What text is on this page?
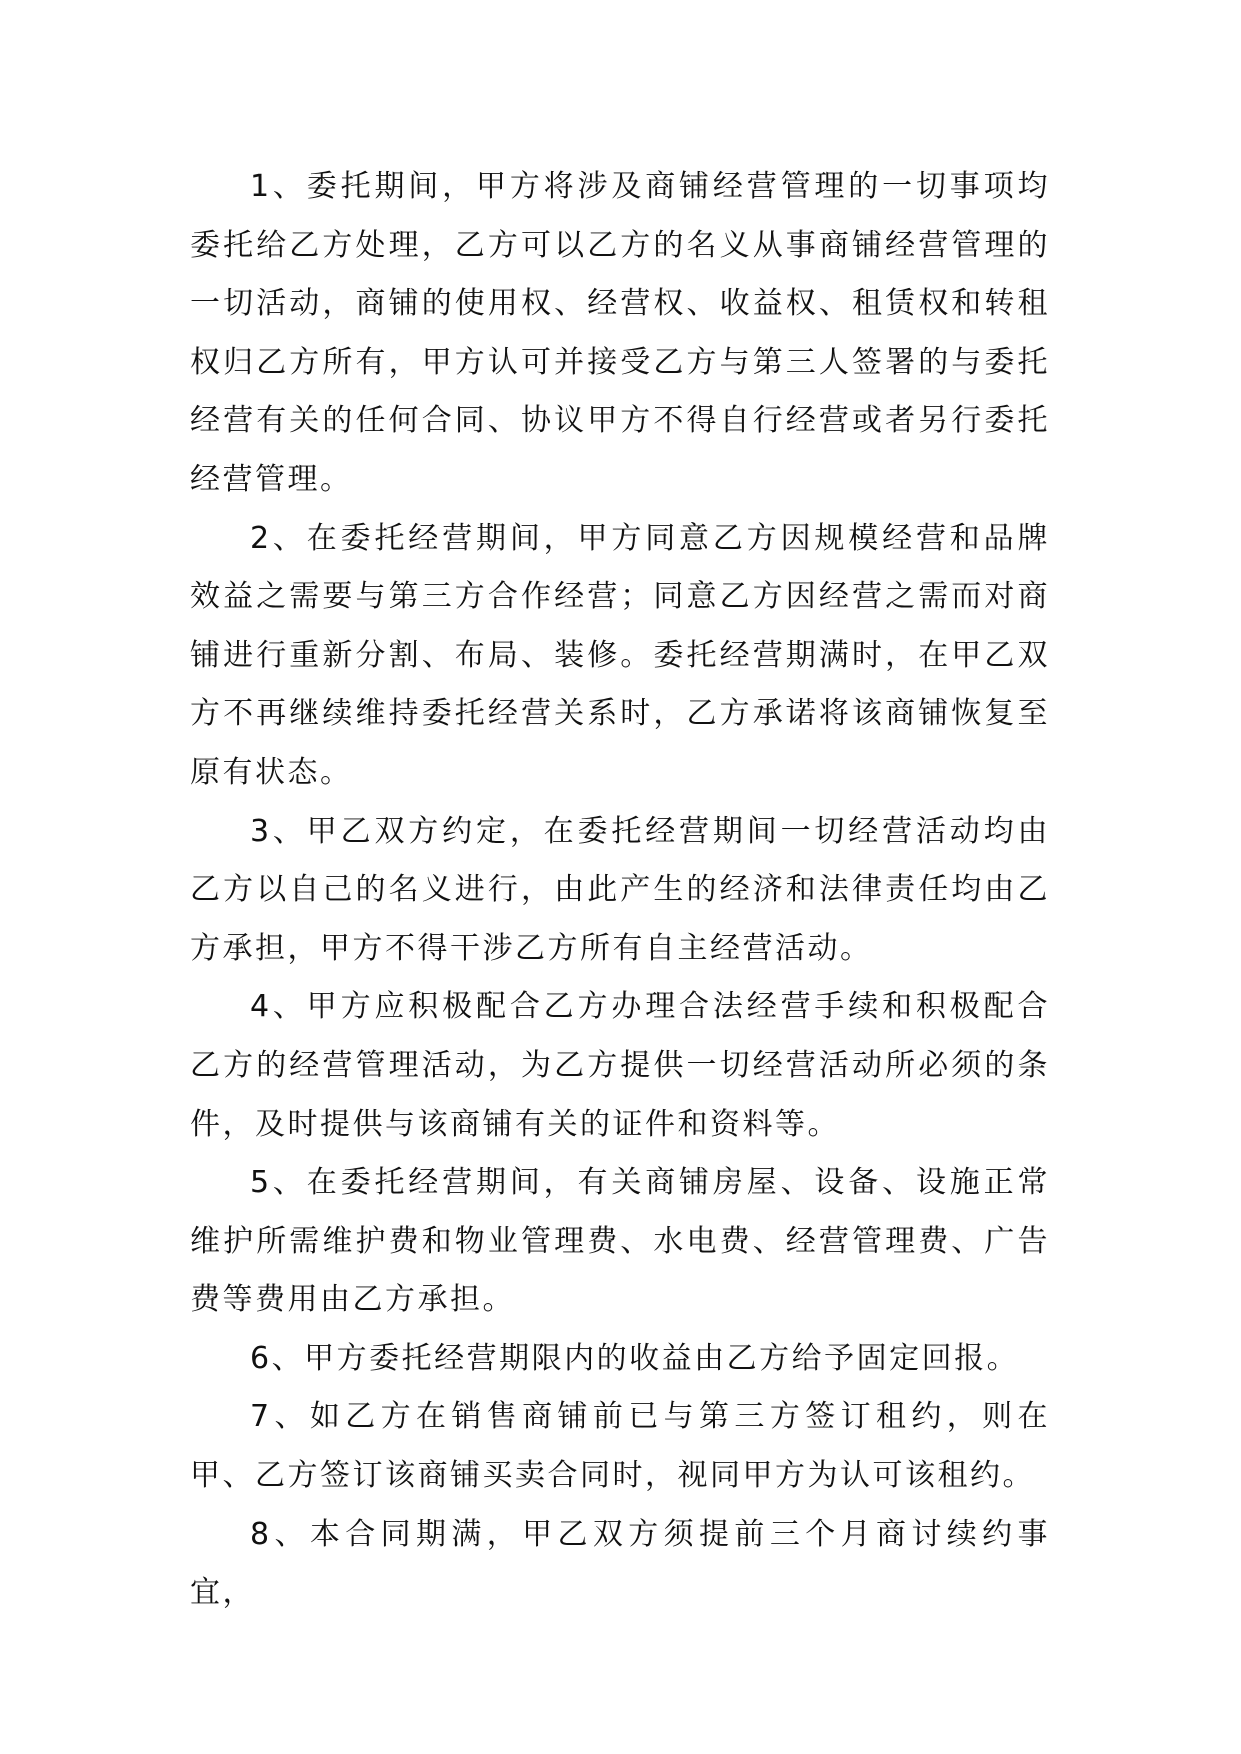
1、委托期间，甲方将涉及商铺经营管理的一切事项均委托给乙方处理，乙方可以乙方的名义从事商铺经营管理的一切活动，商铺的使用权、经营权、收益权、租赁权和转租权归乙方所有，甲方认可并接受乙方与第三人签署的与委托经营有关的任何合同、协议甲方不得自行经营或者另行委托经营管理。

2、在委托经营期间，甲方同意乙方因规模经营和品牌效益之需要与第三方合作经营；同意乙方因经营之需而对商铺进行重新分割、布局、装修。委托经营期满时，在甲乙双方不再继续维持委托经营关系时，乙方承诺将该商铺恢复至原有状态。

3、甲乙双方约定，在委托经营期间一切经营活动均由乙方以自己的名义进行，由此产生的经济和法律责任均由乙方承担，甲方不得干涉乙方所有自主经营活动。

4、甲方应积极配合乙方办理合法经营手续和积极配合乙方的经营管理活动，为乙方提供一切经营活动所必须的条件，及时提供与该商铺有关的证件和资料等。

5、在委托经营期间，有关商铺房屋、设备、设施正常维护所需维护费和物业管理费、水电费、经营管理费、广告费等费用由乙方承担。

6、甲方委托经营期限内的收益由乙方给予固定回报。

7、如乙方在销售商铺前已与第三方签订租约，则在甲、乙方签订该商铺买卖合同时，视同甲方为认可该租约。

8、本合同期满，甲乙双方须提前三个月商讨续约事宜，
